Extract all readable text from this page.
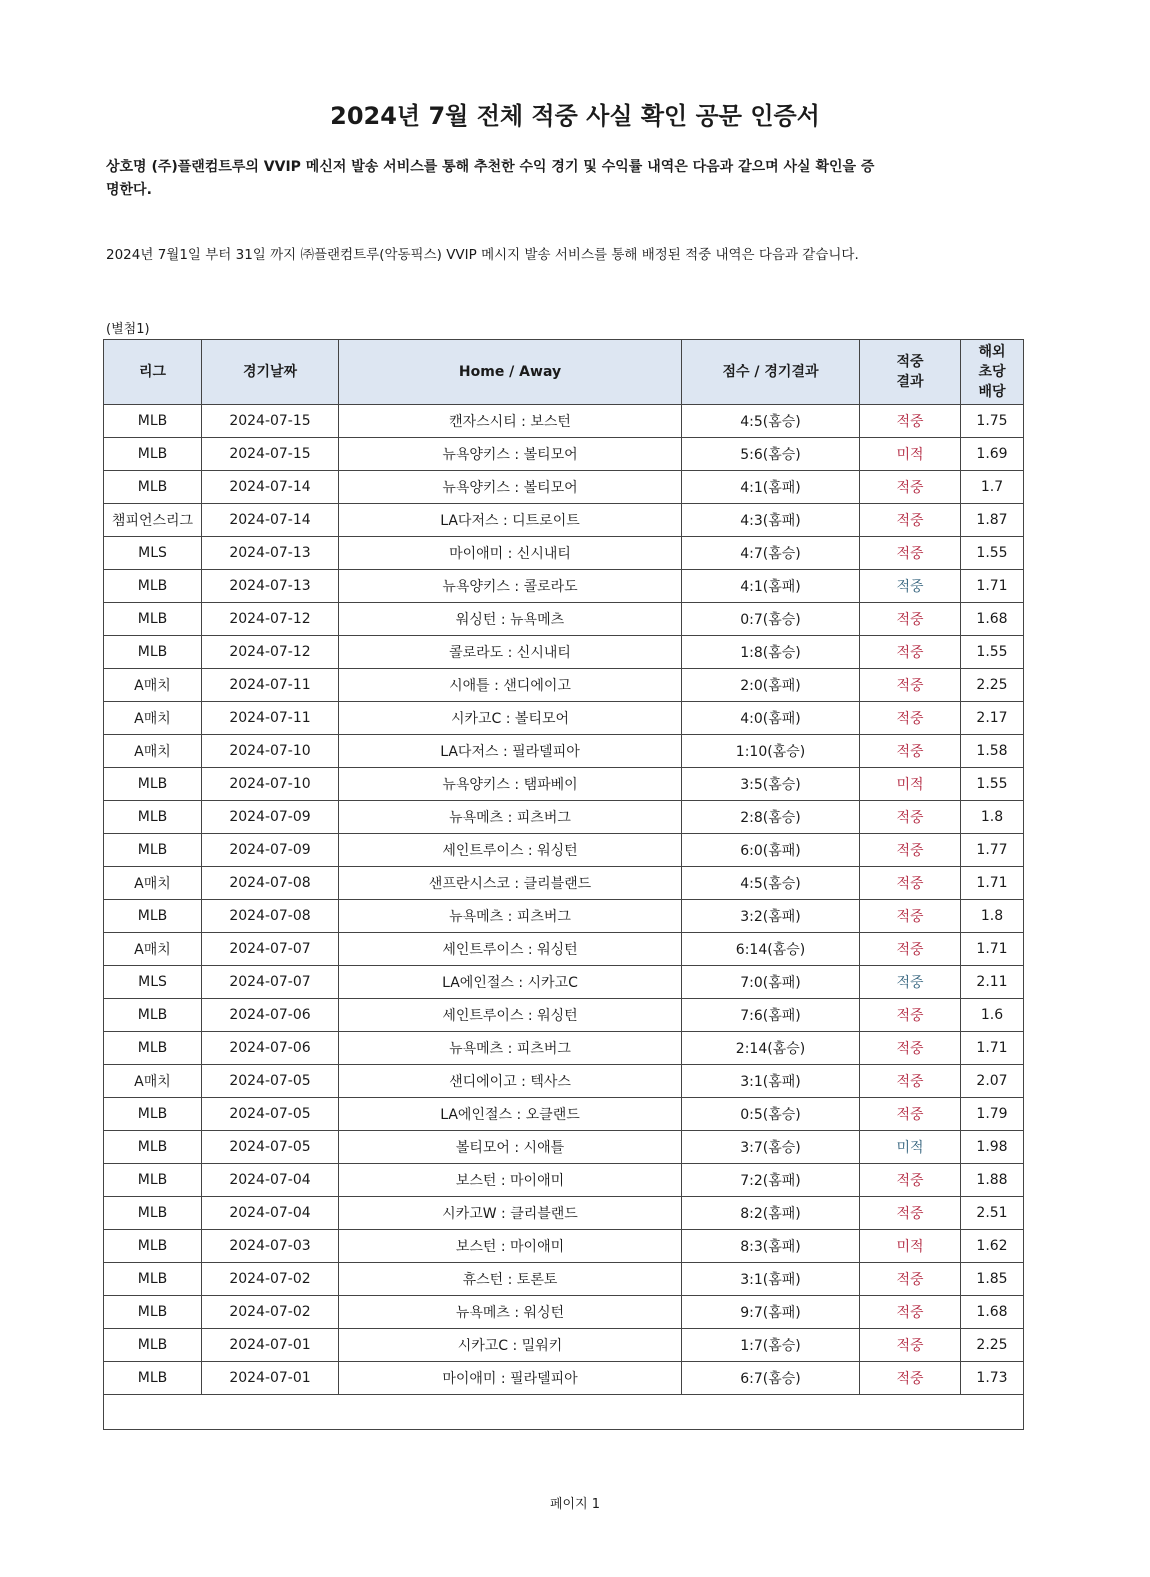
2024년 7월 전체 적중 사실 확인 공문 인증서
상호명 (주)플랜컴트루의 VVIP 메신저 발송 서비스를 통해 추천한 수익 경기 및 수익률 내역은 다음과 같으며 사실 확인을 증명한다.
2024년 7월1일 부터 31일 까지 ㈜플랜컴트루(악동픽스) VVIP 메시지 발송 서비스를 통해 배정된 적중 내역은 다음과 같습니다.
(별첨1)
리그	경기날짜	Home / Away	점수 / 경기결과	적중 결과	해외 초당 배당
MLB	2024-07-15	캔자스시티 : 보스턴	4:5(홈승)	적중	1.75
MLB	2024-07-15	뉴욕양키스 : 볼티모어	5:6(홈승)	미적	1.69
MLB	2024-07-14	뉴욕양키스 : 볼티모어	4:1(홈패)	적중	1.7
챔피언스리그	2024-07-14	LA다저스 : 디트로이트	4:3(홈패)	적중	1.87
MLS	2024-07-13	마이애미 : 신시내티	4:7(홈승)	적중	1.55
MLB	2024-07-13	뉴욕양키스 : 콜로라도	4:1(홈패)	적중	1.71
MLB	2024-07-12	워싱턴 : 뉴욕메츠	0:7(홈승)	적중	1.68
MLB	2024-07-12	콜로라도 : 신시내티	1:8(홈승)	적중	1.55
A매치	2024-07-11	시애틀 : 샌디에이고	2:0(홈패)	적중	2.25
A매치	2024-07-11	시카고C : 볼티모어	4:0(홈패)	적중	2.17
A매치	2024-07-10	LA다저스 : 필라델피아	1:10(홈승)	적중	1.58
MLB	2024-07-10	뉴욕양키스 : 탬파베이	3:5(홈승)	미적	1.55
MLB	2024-07-09	뉴욕메츠 : 피츠버그	2:8(홈승)	적중	1.8
MLB	2024-07-09	세인트루이스 : 워싱턴	6:0(홈패)	적중	1.77
A매치	2024-07-08	샌프란시스코 : 클리블랜드	4:5(홈승)	적중	1.71
MLB	2024-07-08	뉴욕메츠 : 피츠버그	3:2(홈패)	적중	1.8
A매치	2024-07-07	세인트루이스 : 워싱턴	6:14(홈승)	적중	1.71
MLS	2024-07-07	LA에인절스 : 시카고C	7:0(홈패)	적중	2.11
MLB	2024-07-06	세인트루이스 : 워싱턴	7:6(홈패)	적중	1.6
MLB	2024-07-06	뉴욕메츠 : 피츠버그	2:14(홈승)	적중	1.71
A매치	2024-07-05	샌디에이고 : 텍사스	3:1(홈패)	적중	2.07
MLB	2024-07-05	LA에인절스 : 오클랜드	0:5(홈승)	적중	1.79
MLB	2024-07-05	볼티모어 : 시애틀	3:7(홈승)	미적	1.98
MLB	2024-07-04	보스턴 : 마이애미	7:2(홈패)	적중	1.88
MLB	2024-07-04	시카고W : 클리블랜드	8:2(홈패)	적중	2.51
MLB	2024-07-03	보스턴 : 마이애미	8:3(홈패)	미적	1.62
MLB	2024-07-02	휴스턴 : 토론토	3:1(홈패)	적중	1.85
MLB	2024-07-02	뉴욕메츠 : 워싱턴	9:7(홈패)	적중	1.68
MLB	2024-07-01	시카고C : 밀워키	1:7(홈승)	적중	2.25
MLB	2024-07-01	마이애미 : 필라델피아	6:7(홈승)	적중	1.73

페이지 1
